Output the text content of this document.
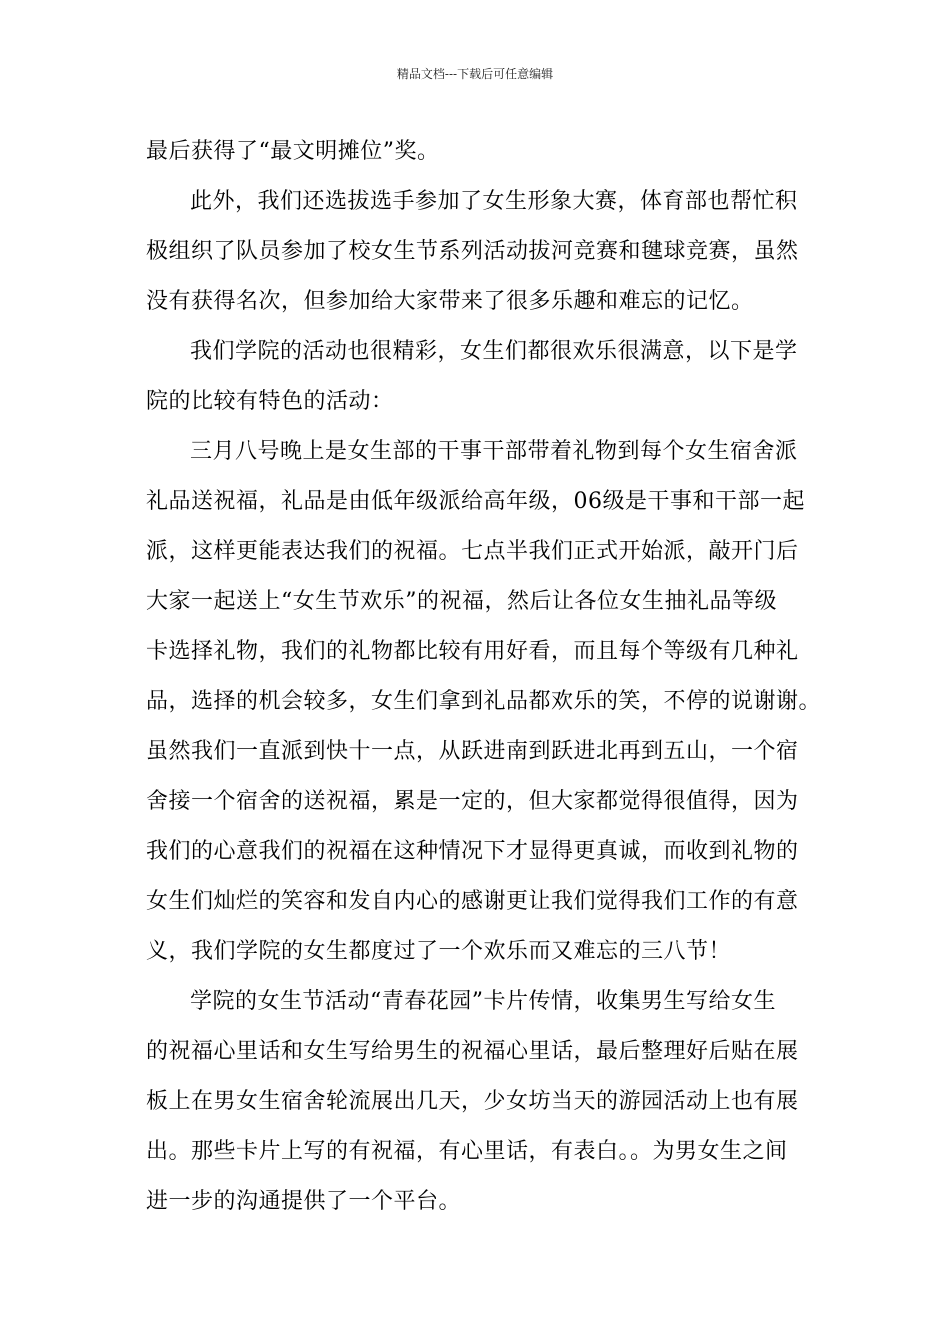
精品文档---下载后可任意编辑
最后获得了“最文明摊位”奖。
此外，我们还选拔选手参加了女生形象大赛，体育部也帮忙积
极组织了队员参加了校女生节系列活动拔河竞赛和毽球竞赛，虽然
没有获得名次，但参加给大家带来了很多乐趣和难忘的记忆。
我们学院的活动也很精彩，女生们都很欢乐很满意，以下是学
院的比较有特色的活动：
三月八号晚上是女生部的干事干部带着礼物到每个女生宿舍派
礼品送祝福，礼品是由低年级派给高年级，06级是干事和干部一起
派，这样更能表达我们的祝福。七点半我们正式开始派，敲开门后
大家一起送上“女生节欢乐”的祝福，然后让各位女生抽礼品等级
卡选择礼物，我们的礼物都比较有用好看，而且每个等级有几种礼
品，选择的机会较多，女生们拿到礼品都欢乐的笑，不停的说谢谢。
虽然我们一直派到快十一点，从跃进南到跃进北再到五山，一个宿
舍接一个宿舍的送祝福，累是一定的，但大家都觉得很值得，因为
我们的心意我们的祝福在这种情况下才显得更真诚，而收到礼物的
女生们灿烂的笑容和发自内心的感谢更让我们觉得我们工作的有意
义，我们学院的女生都度过了一个欢乐而又难忘的三八节！
学院的女生节活动“青春花园”卡片传情，收集男生写给女生
的祝福心里话和女生写给男生的祝福心里话，最后整理好后贴在展
板上在男女生宿舍轮流展出几天，少女坊当天的游园活动上也有展
出。那些卡片上写的有祝福，有心里话，有表白。。为男女生之间
进一步的沟通提供了一个平台。
